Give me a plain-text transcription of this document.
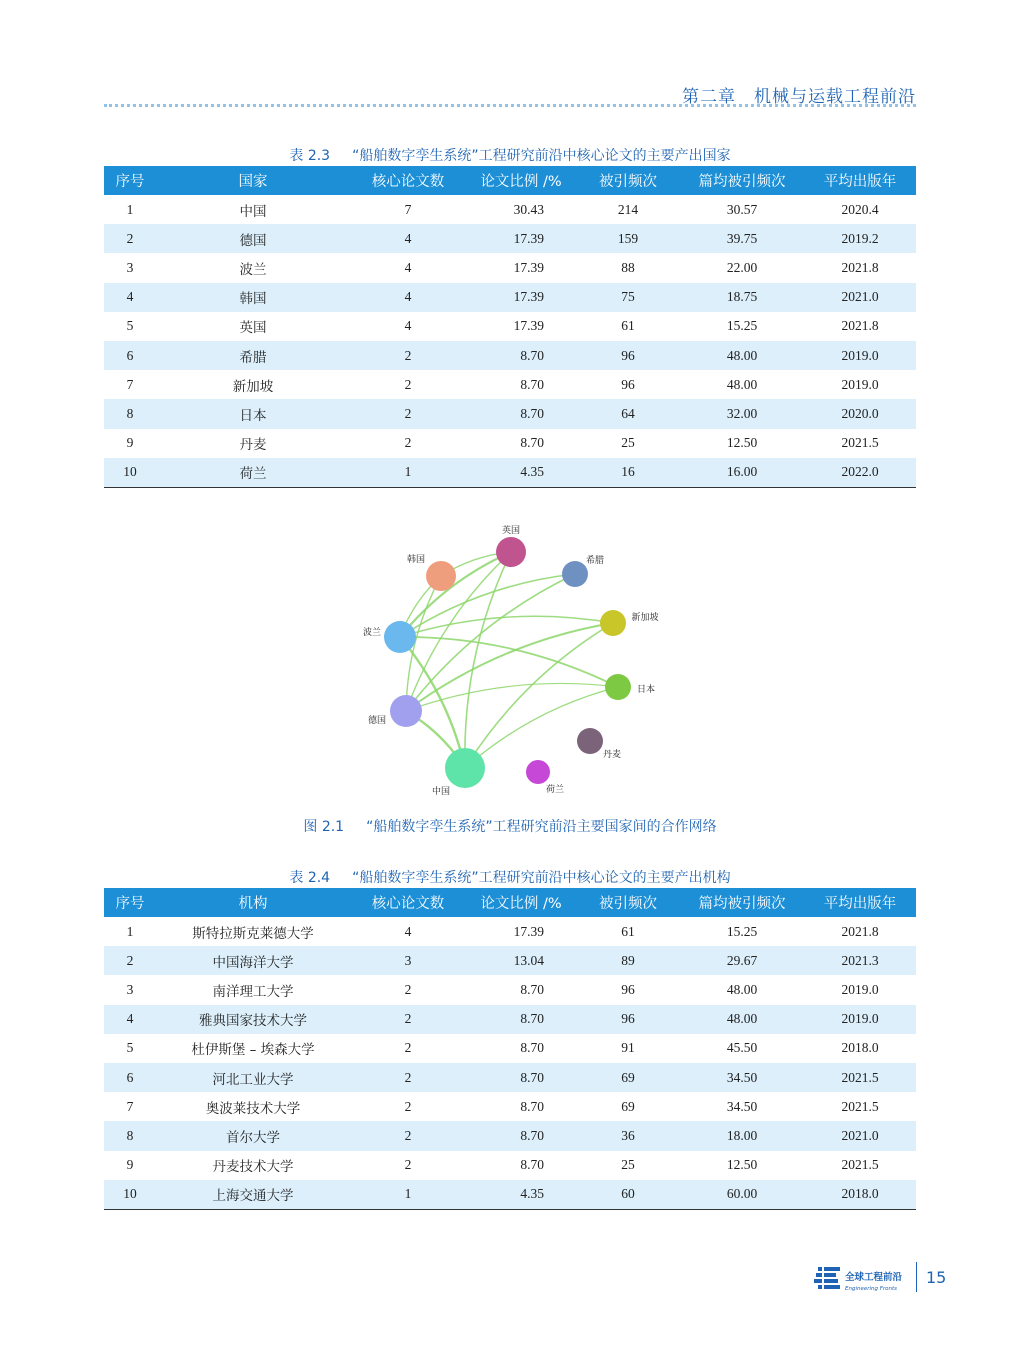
第二章　机械与运载工程前沿
表 2.3 “船舶数字孪生系统”工程研究前沿中核心论文的主要产出国家
序号	国家	核心论文数	论文比例 /%	被引频次	篇均被引频次	平均出版年
1	中国	7	30.43	214	30.57	2020.4
2	德国	4	17.39	159	39.75	2019.2
3	波兰	4	17.39	88	22.00	2021.8
4	韩国	4	17.39	75	18.75	2021.0
5	英国	4	17.39	61	15.25	2021.8
6	希腊	2	8.70	96	48.00	2019.0
7	新加坡	2	8.70	96	48.00	2019.0
8	日本	2	8.70	64	32.00	2020.0
9	丹麦	2	8.70	25	12.50	2021.5
10	荷兰	1	4.35	16	16.00	2022.0
英国
韩国	希腊
新加坡
波兰
日本
德国
丹麦
中国	荷兰
图 2.1 “船舶数字孪生系统”工程研究前沿主要国家间的合作网络
表 2.4 “船舶数字孪生系统”工程研究前沿中核心论文的主要产出机构
序号	机构	核心论文数	论文比例 /%	被引频次	篇均被引频次	平均出版年
1	斯特拉斯克莱德大学	4	17.39	61	15.25	2021.8
2	中国海洋大学	3	13.04	89	29.67	2021.3
3	南洋理工大学	2	8.70	96	48.00	2019.0
4	雅典国家技术大学	2	8.70	96	48.00	2019.0
5	杜伊斯堡 – 埃森大学	2	8.70	91	45.50	2018.0
6	河北工业大学	2	8.70	69	34.50	2021.5
7	奥波莱技术大学	2	8.70	69	34.50	2021.5
8	首尔大学	2	8.70	36	18.00	2021.0
9	丹麦技术大学	2	8.70	25	12.50	2021.5
10	上海交通大学	1	4.35	60	60.00	2018.0
全球工程前沿
Engineering Fronts
15
